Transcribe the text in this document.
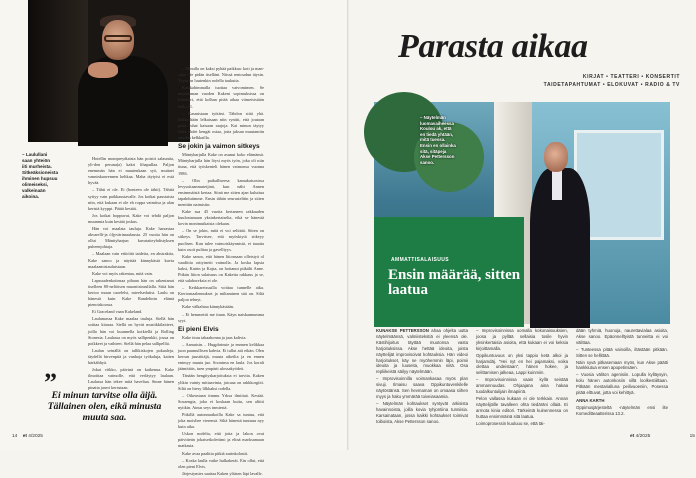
– Laulullani
saan yhteiön
iiti murheista.
Sitkeäksioneista
ihminen hupsuu
olimeiseksi,
valkeinaän
aikoina.

Hotellin montpreydtaista hän poistit salauntia, yli-den peruna(a) kakri lihapullaa. Paljon enemmän hän ei muutenkaan syö, muttaei vanninkaavennen keltkaa. Maha täytyisi ei estä hyvää.

– Tähti ei ole. Ei (honteen ole tähti). Tähtiä syttyy vain paikkaustavalle. Jos kotkat paustaista niin, että kukaan ei ole eh roppa vaimitsa ja alan keristä kyyppi. Päätä kestää.

Jos kotkat hoppuvat, Kake voi tehdä paljon muunmia kuin kestää joskus.

Hän voi maalata taulujа. Kake harrastaa akvarelli-ja öljyvärimaalausta. 25 vuotta hän on ollut Mänttyharjun kuvataiteyhdistyksen puheenjohtaja.

– Maalaan vain etiitöitä taideita, en abstraktia, Kake sanoo ja näyttää kännykästä kuvia maalaamistaulutstaan.

Kake voi myös rakentaa, mitä vain.

Lapsuudenkotinsaa pihaan hän on rakentanut itselleen 80-neliöisen muonitsinrullalla. Siitä hän kertoo muun caoelelsi, mieelsedutist. Laulu on hänestä kuin Kake Randelinin elämä pienoiskoossa.

Ei Graceland vaan Kakeland.

Laulamassa Kake maalaa tauluja. Siellä hän soittaa kitaraa. Siellä on hyvät musiikkilaitteet, joilla hän voi kuunnella kotkiellä ja Rolling Stonesia. Laulassa on myös sallipenkki, josua on poikkeet ja vaihteet. Siellä hän pelaa sallipelliä.

Laulan seinällä on tallikiskojen pokaaleja, täydellä hirvenpiiä ja vanhoja työkaluja, kaiten härkähhyä.

Jokai viikko, päivinä on kaikenua. Kake ilmoittaa vaimolle, että verläytyy laulaan. Laulassa hän tekee mitä haveltaa. Sinne hänen pinatta jaseri kerrutaan.

– Minulla on kaksi pyhää paikkaa: koti ja man-cave. Ne pidän itsellänі. Niissä rentoudun täysin. Tyyni on luutenkin rodella taukutta.

Kasikahimmalla tuottaa vaivomimen. Se muuntaman vuoden Kakeni sopimuksissa on kalenteri, että kolhan pitää aikaa viimeisistään kello 21.

– Kasmistaan työtänі. Tähdon siitä yhä. Ilääkeiltään lelkaisaan niin rynttii, että joutaan pitää ruhat kaisaan raajoja. Kai minun täytyy vielä yhdet kengät ostaa, jotta jaksan muutamiin vuoden kelkkailla.

Se jokin ja vaimon sitkeys

Mäntyharjulla Kake on asunut koko elämänsä. Mäntyharjulla hän löysi myös työn, joka oli niin tiuna, että työskenteli hänen vaimonsa vuonna 1986.

– Olin paikalliseesa kamakatsosissa levysoitaanmuteijinä, kun nähi Annen ensimmäistä kertaa. Siinä me sitten ajan kuluttua tapahduiimme. Ensin tähän seurustelitin ja sitten menittin naimisiin.

Kake sua 45 vuotta kertaneen rakkauden kuulostamaan yksinkertaiselta, eikä se hänestä kovin monimutkaista olekaan.

– On se jokin, mitä ei voi selittää. Sitten on sitkeys. Tarvitsee, että myöskiytä sitkeyy puolisen. Kun tulee vaimoiskäynnistä, ei taaaita kuin osoit pulitaa ja gavelliyys.

Kake sanoo, että hänen liitonsaan olleistyä ol vaadittiа orityineitt vaimolla. Ja koska lapsia kaksi, Katrin ja Kajsa, on hoitanut pitkälti Anne. Pitkän liiton salaisuus on Kaketta rakkaus ja se, että salaboreksia ei ole.

– Keikkareissuilla voittaa tunnelle aika. Kiertomaalennukset ja miltaminen sää on. Siltä paljon tehnyt.

Kake välkahtaa kännykästään.

– Ei hemmettii me tinan. Käyn naiskannumma syyt.

Ei pieni Elvis

Kake tirau takaahonna ja jaas kaltvia.

– Aamuisin… Hugpbrinsie ja ennnen kelikkaa juon paumullisen kahvia. Ei tullut aiti eikän. Olen kerran juustittäjä, muuta aikeilta ja en ennen enimyy muuta juo. Sooninsa en laula. Jos koralt jäämittäis, tuen ympärit ulossakyödeä.

Tänään hengityskarjoituksia ei tarvita. Kaken ylikin vuinty mittaavinta, jaicaaa on rakkkorgiiti. Siltä on hiesy lilkkaksi rodella.

– Oikeastaan timmu Yrksa ilmittaä. Kestää. Sosaengia, joka ei koskaan kuitu, sen alttiti nyitkin. Ainus seys inmiestä.

Pitkillä autonmatkoilla Kake sa tuntuu, että joka moisliee vierensä. Siltä hänestä tuntuuu nyy kuin aika.

Uskon nodelta, että jotta ja lakon ovat päivitteän jokaiseikolettimi ja elinä marksamaan matkasta.

Kake avaa paalitta pitkiä aurinkolastit.

– Koska laulla vaike hulkakerät. Ein ollut, että olen pieni Elvis.

Järjestymies saattaa Kaken yläisen läpi lavalle.

”
Ei minun tarvitse olla äijä. Tällainen olen, eikä minusta muuta saa.
14 et 4/2025
Parasta aikaa
KIRJAT • TEATTERI • KONSERTIT
TAIDETAPAHTUMAT • ELOKUVAT • RADIO & TV
– Näytelmän
luomavaiheessa
Koulou ak, että
en tiedä yhtään,
mitä tuessa.
Ensin en ollainka
sitä, sitäpeja
Akse Pettersson
sanoo.
AMMATTISALAISUUS
Ensin määrää, sitten laatua

KUNAKSE PETTERSSON ahaa ohjelta uutta näytelmäänsä, valmiistekstiä ei yleensä ole. Kästihijoitus täyttää muotonsa vasta harjoituksissa. Akse hettää ideoita, joista näyttelijät improvisoivat kohtauksia. Hän videoi harjoitukset, käy ne myöhemmin läpi, poimii ideoita ja luuseita, muokkaa niitä. Osa repliikeistä säilyy näytelmään.

– Improvisoinnilla voimankasaa myös plan sivuji. Ilmaisu saava Oppikuntuvenkilelle näytöstänsä. Sen hevmaman on omaasa siihen myys ja haku ymmärää toiveiasaamia.

– Näytelmän kohtaukset syntyvät arkisista havainnoista, joilla kovia tyhjontiina tunniisia. Karsainataan, jossa kaikki kohtaukset toimivat toiboista, Akse Pettersson sanoo.

– Improvisoinnissa oomalla kokonaisuuksien, joosa ja pyllää sellaisia tosile hyvin yksinkertaisia asioita, että kukaan ei voi keksia kirjoittamalla.

Oppikuntuvuus on yksi tappio ketä alkoi ja harjamdäj. "Hei nyt en hei pajamaksi, voika olettaa undeistaan", hänen hokee, ja selittamisen jalkeaa, Lappi kuinmiin.

– Improvisoinnissa vaain kyllä seistää ammannuudas. Ohjaajana aina hakaa tuodalkuntulijain ilmapiiriä.

Pelon vallassa kukaan ei ole terkkain. Annan näyttelijöille tavalleen ohta tiedäräni ollaiä. Ei armota kinia editori. Tärkeintä kuinennessa on huttaa ensimmäinä sitä laatua.

Loimoprosessin kuuluuu se, että täi-

dään tyhmiä, huonoja, naurettavialaa asioita, Akse sanoo. Epäonnelltyistä tunneitta ei voi välittaa.

– Tunteessa pitää vainoilla, iltästään pitkään. Sitten se hellittää.

Näin syvä pitkasemaan myös, kun Akse päätti hankkiutua ensen apopetinsäen.

– Vuosia väliton agenisiin. Lopulla kylläysyin, kolu hänen autonkosiin sillä loolkestiiiltaan. Pitkään mestarialluna peilivuoeniin, Posessa pitää elttuvat, jotta voi kehittyä.

ANNA KARTH

Oppimusjärjesteltä -näytelmän ensi ilte Komeditteaatterissa 13.2.

et 4/2025	15
